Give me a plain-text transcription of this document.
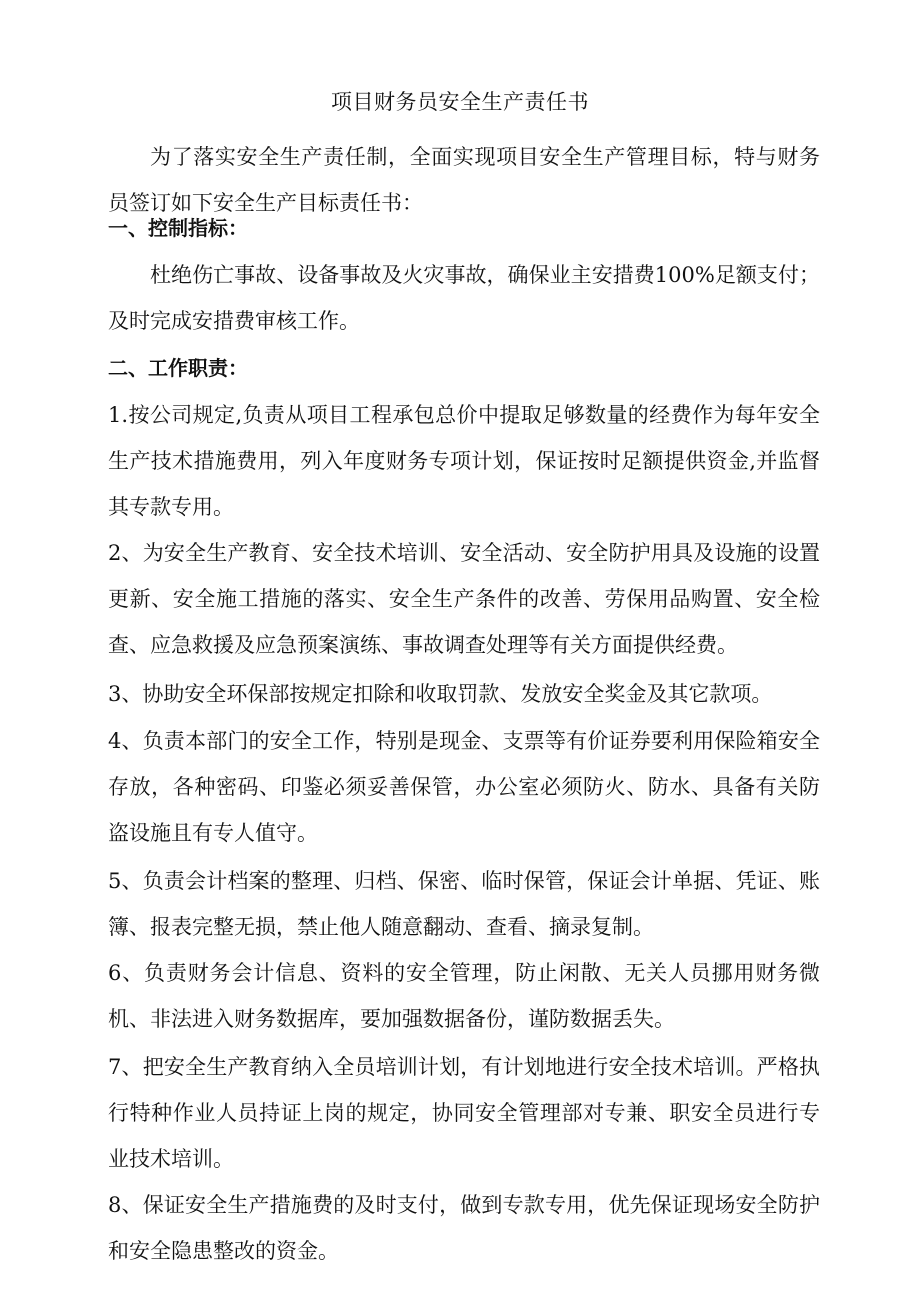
项目财务员安全生产责任书

为了落实安全生产责任制，全面实现项目安全生产管理目标，特与财务员签订如下安全生产目标责任书：

一、控制指标：

杜绝伤亡事故、设备事故及火灾事故，确保业主安措费100%足额支付；及时完成安措费审核工作。

二、工作职责：

1.按公司规定,负责从项目工程承包总价中提取足够数量的经费作为每年安全生产技术措施费用，列入年度财务专项计划，保证按时足额提供资金,并监督其专款专用。

2、为安全生产教育、安全技术培训、安全活动、安全防护用具及设施的设置更新、安全施工措施的落实、安全生产条件的改善、劳保用品购置、安全检查、应急救援及应急预案演练、事故调查处理等有关方面提供经费。

3、协助安全环保部按规定扣除和收取罚款、发放安全奖金及其它款项。

4、负责本部门的安全工作，特别是现金、支票等有价证券要利用保险箱安全存放，各种密码、印鉴必须妥善保管，办公室必须防火、防水、具备有关防盗设施且有专人值守。

5、负责会计档案的整理、归档、保密、临时保管，保证会计单据、凭证、账簿、报表完整无损，禁止他人随意翻动、查看、摘录复制。

6、负责财务会计信息、资料的安全管理，防止闲散、无关人员挪用财务微机、非法进入财务数据库，要加强数据备份，谨防数据丢失。

7、把安全生产教育纳入全员培训计划，有计划地进行安全技术培训。严格执行特种作业人员持证上岗的规定，协同安全管理部对专兼、职安全员进行专业技术培训。

8、保证安全生产措施费的及时支付，做到专款专用，优先保证现场安全防护和安全隐患整改的资金。
